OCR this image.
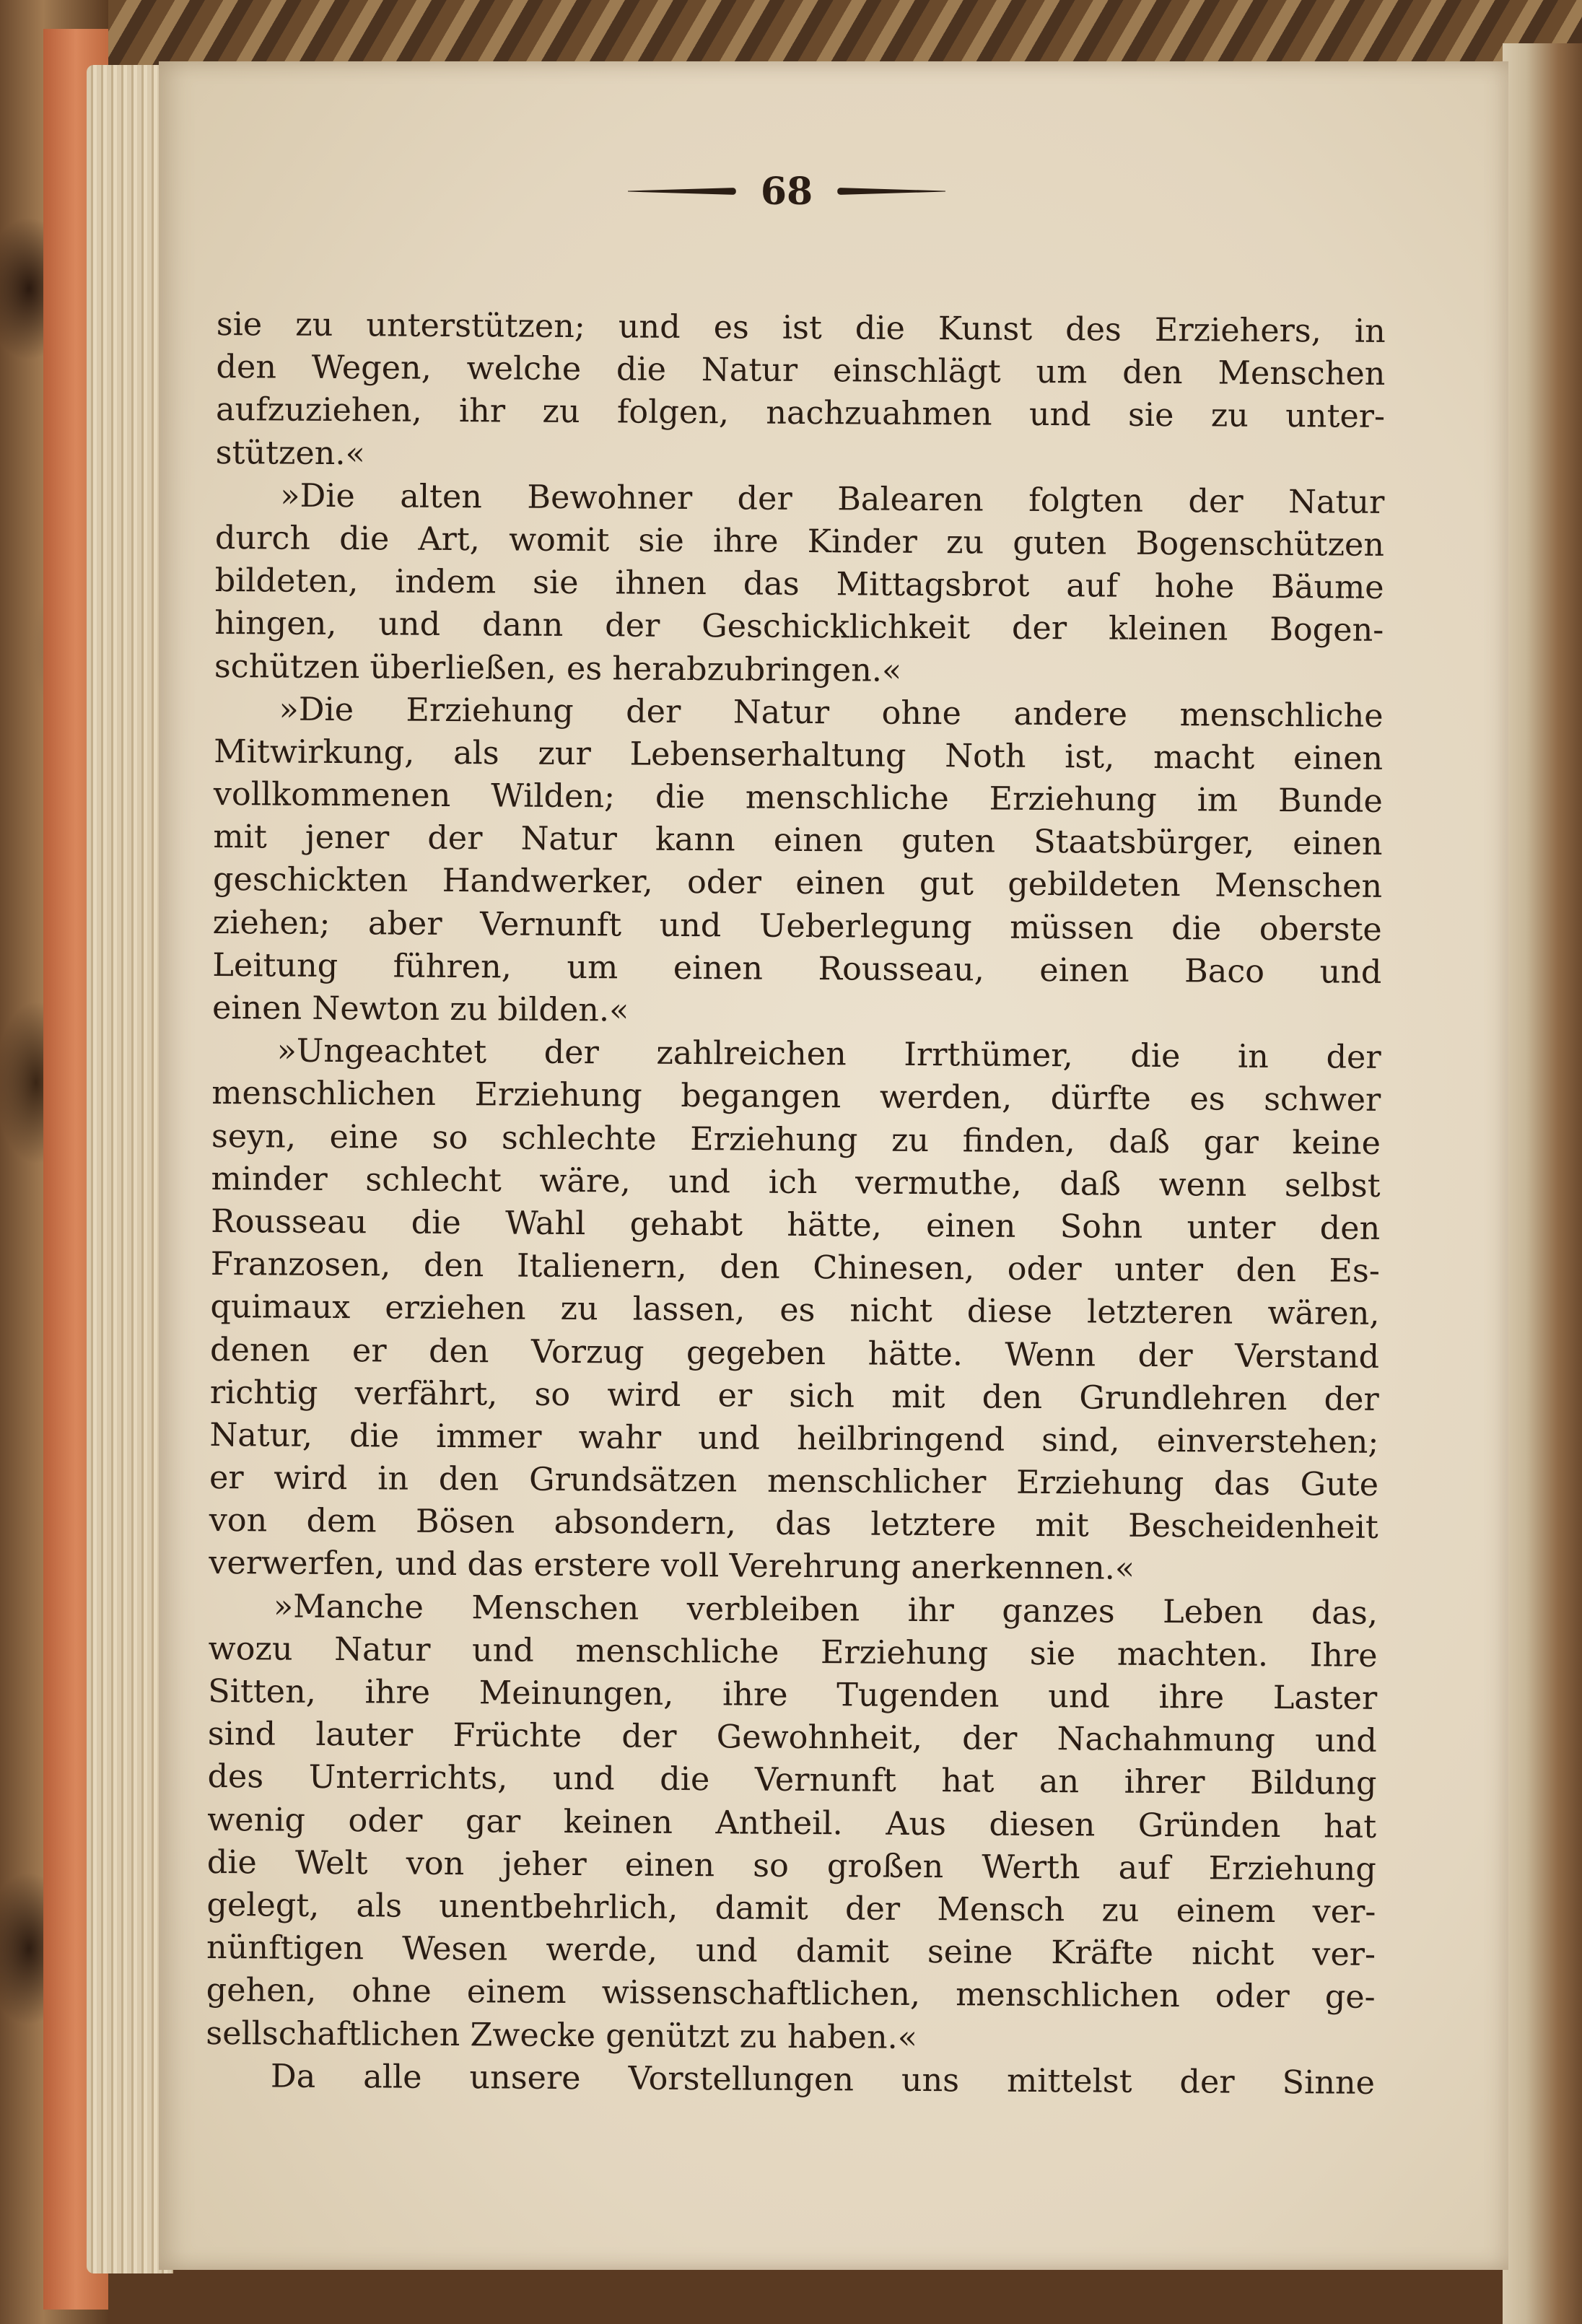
68
sie zu unterstützen; und es ist die Kunst des Erziehers, in
den Wegen, welche die Natur einschlägt um den Menschen
aufzuziehen, ihr zu folgen, nachzuahmen und sie zu unter-
stützen.«
»Die alten Bewohner der Balearen folgten der Natur
durch die Art, womit sie ihre Kinder zu guten Bogenschützen
bildeten, indem sie ihnen das Mittagsbrot auf hohe Bäume
hingen, und dann der Geschicklichkeit der kleinen Bogen-
schützen überließen, es herabzubringen.«
»Die Erziehung der Natur ohne andere menschliche
Mitwirkung, als zur Lebenserhaltung Noth ist, macht einen
vollkommenen Wilden; die menschliche Erziehung im Bunde
mit jener der Natur kann einen guten Staatsbürger, einen
geschickten Handwerker, oder einen gut gebildeten Menschen
ziehen; aber Vernunft und Ueberlegung müssen die oberste
Leitung führen, um einen Rousseau, einen Baco und
einen Newton zu bilden.«
»Ungeachtet der zahlreichen Irrthümer, die in der
menschlichen Erziehung begangen werden, dürfte es schwer
seyn, eine so schlechte Erziehung zu finden, daß gar keine
minder schlecht wäre, und ich vermuthe, daß wenn selbst
Rousseau die Wahl gehabt hätte, einen Sohn unter den
Franzosen, den Italienern, den Chinesen, oder unter den Es-
quimaux erziehen zu lassen, es nicht diese letzteren wären,
denen er den Vorzug gegeben hätte. Wenn der Verstand
richtig verfährt, so wird er sich mit den Grundlehren der
Natur, die immer wahr und heilbringend sind, einverstehen;
er wird in den Grundsätzen menschlicher Erziehung das Gute
von dem Bösen absondern, das letztere mit Bescheidenheit
verwerfen, und das erstere voll Verehrung anerkennen.«
»Manche Menschen verbleiben ihr ganzes Leben das,
wozu Natur und menschliche Erziehung sie machten. Ihre
Sitten, ihre Meinungen, ihre Tugenden und ihre Laster
sind lauter Früchte der Gewohnheit, der Nachahmung und
des Unterrichts, und die Vernunft hat an ihrer Bildung
wenig oder gar keinen Antheil. Aus diesen Gründen hat
die Welt von jeher einen so großen Werth auf Erziehung
gelegt, als unentbehrlich, damit der Mensch zu einem ver-
nünftigen Wesen werde, und damit seine Kräfte nicht ver-
gehen, ohne einem wissenschaftlichen, menschlichen oder ge-
sellschaftlichen Zwecke genützt zu haben.«
Da alle unsere Vorstellungen uns mittelst der Sinne
